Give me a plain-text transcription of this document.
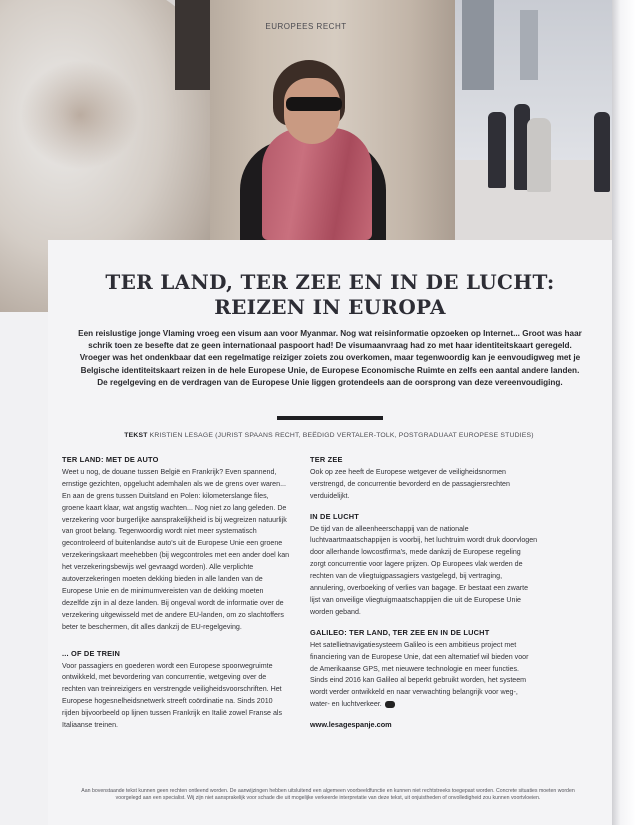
EUROPEES RECHT
TER LAND, TER ZEE EN IN DE LUCHT:
REIZEN IN EUROPA

Een reislustige jonge Vlaming vroeg een visum aan voor Myanmar. Nog wat reisinformatie opzoeken op Internet... Groot was haar schrik toen ze besefte dat ze geen internationaal paspoort had! De visumaanvraag had zo met haar identiteitskaart geregeld. Vroeger was het ondenkbaar dat een regelmatige reiziger zoiets zou overkomen, maar tegenwoordig kan je eenvoudigweg met je Belgische identiteitskaart reizen in de hele Europese Unie, de Europese Economische Ruimte en zelfs een aantal andere landen. De regelgeving en de verdragen van de Europese Unie liggen grotendeels aan de oorsprong van deze vereenvoudiging.

TEKST KRISTIEN LESAGE (JURIST SPAANS RECHT, BEËDIGD VERTALER-TOLK, POSTGRADUAAT EUROPESE STUDIES)
TER LAND: MET DE AUTO

Weet u nog, de douane tussen België en Frankrijk? Even spannend, ernstige gezichten, opgelucht ademhalen als we de grens over waren... En aan de grens tussen Duitsland en Polen: kilometerslange files, groene kaart klaar, wat angstig wachten... Nog niet zo lang geleden. De verzekering voor burgerlijke aansprakelijkheid is bij wegreizen natuurlijk van groot belang. Tegenwoordig wordt niet meer systematisch gecontroleerd of buitenlandse auto's uit de Europese Unie een groene verzekeringskaart meehebben (bij wegcontroles met een ander doel kan het verzekeringsbewijs wel gevraagd worden). Alle verplichte autoverzekeringen moeten dekking bieden in alle landen van de Europese Unie en de minimumvereisten van de dekking moeten dezelfde zijn in al deze landen. Bij ongeval wordt de informatie over de verzekering uitgewisseld met de andere EU-landen, om zo slachtoffers beter te beschermen, dit alles dankzij de EU-regelgeving.

... OF DE TREIN

Voor passagiers en goederen wordt een Europese spoorwegruimte ontwikkeld, met bevordering van concurrentie, wetgeving over de rechten van treinreizigers en verstrengde veiligheidsvoorschriften. Het Europese hogesnelheidsnetwerk streeft coördinatie na. Sinds 2010 rijden bijvoorbeeld op lijnen tussen Frankrijk en Italië zowel Franse als Italiaanse treinen.

TER ZEE

Ook op zee heeft de Europese wetgever de veiligheidsnormen verstrengd, de concurrentie bevorderd en de passagiersrechten verduidelijkt.

IN DE LUCHT

De tijd van de alleenheerschappij van de nationale luchtvaartmaatschappijen is voorbij, het luchtruim wordt druk doorvlogen door allerhande lowcostfirma's, mede dankzij de Europese regeling zorgt concurrentie voor lagere prijzen. Op Europees vlak werden de rechten van de vliegtuigpassagiers vastgelegd, bij vertraging, annulering, overboeking of verlies van bagage. Er bestaat een zwarte lijst van onveilige vliegtuigmaatschappijen die uit de Europese Unie worden geband.

GALILEO: TER LAND, TER ZEE EN IN DE LUCHT

Het satellietnavigatiesysteem Galileo is een ambitieus project met financiering van de Europese Unie, dat een alternatief wil bieden voor de Amerikaanse GPS, met nieuwere technologie en meer functies. Sinds eind 2016 kan Galileo al beperkt gebruikt worden, het systeem wordt verder ontwikkeld en naar verwachting belangrijk voor weg-, water- en luchtverkeer.

www.lesagespanje.com

Aan bovenstaande tekst kunnen geen rechten ontleend worden. De aanwijzingen hebben uitsluitend een algemeen voorbeeldfunctie en kunnen niet rechtstreeks toegepast worden. Concrete situaties moeten worden voorgelegd aan een specialist. Wij zijn niet aansprakelijk voor schade die uit mogelijke verkeerde interpretatie van deze tekst, uit onjuistheden of onvolledigheid zou kunnen voortvloeien.
